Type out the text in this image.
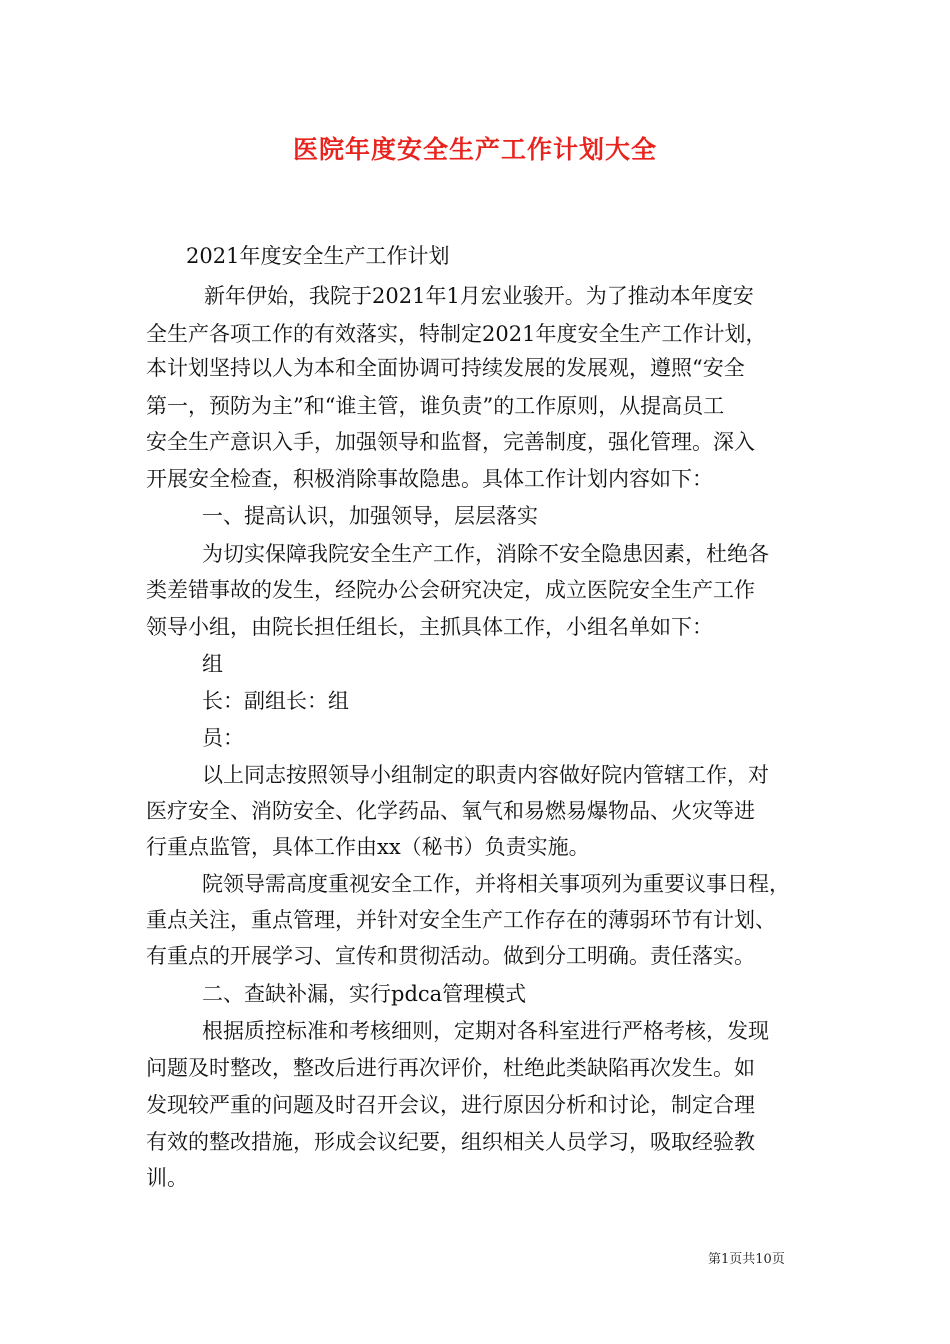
医院年度安全生产工作计划大全

2021年度安全生产工作计划

新年伊始，我院于2021年1月宏业骏开。为了推动本年度安

全生产各项工作的有效落实，特制定2021年度安全生产工作计划，

本计划坚持以人为本和全面协调可持续发展的发展观，遵照“安全

第一，预防为主”和“谁主管，谁负责”的工作原则，从提高员工

安全生产意识入手，加强领导和监督，完善制度，强化管理。深入

开展安全检查，积极消除事故隐患。具体工作计划内容如下：

一、提高认识，加强领导，层层落实

为切实保障我院安全生产工作，消除不安全隐患因素，杜绝各

类差错事故的发生，经院办公会研究决定，成立医院安全生产工作

领导小组，由院长担任组长，主抓具体工作，小组名单如下：

组

长：副组长：组

员：

以上同志按照领导小组制定的职责内容做好院内管辖工作，对

医疗安全、消防安全、化学药品、氧气和易燃易爆物品、火灾等进

行重点监管，具体工作由xx（秘书）负责实施。

院领导需高度重视安全工作，并将相关事项列为重要议事日程，

重点关注，重点管理，并针对安全生产工作存在的薄弱环节有计划、

有重点的开展学习、宣传和贯彻活动。做到分工明确。责任落实。

二、查缺补漏，实行pdca管理模式

根据质控标准和考核细则，定期对各科室进行严格考核，发现

问题及时整改，整改后进行再次评价，杜绝此类缺陷再次发生。如

发现较严重的问题及时召开会议，进行原因分析和讨论，制定合理

有效的整改措施，形成会议纪要，组织相关人员学习，吸取经验教

训。

第1页共10页
